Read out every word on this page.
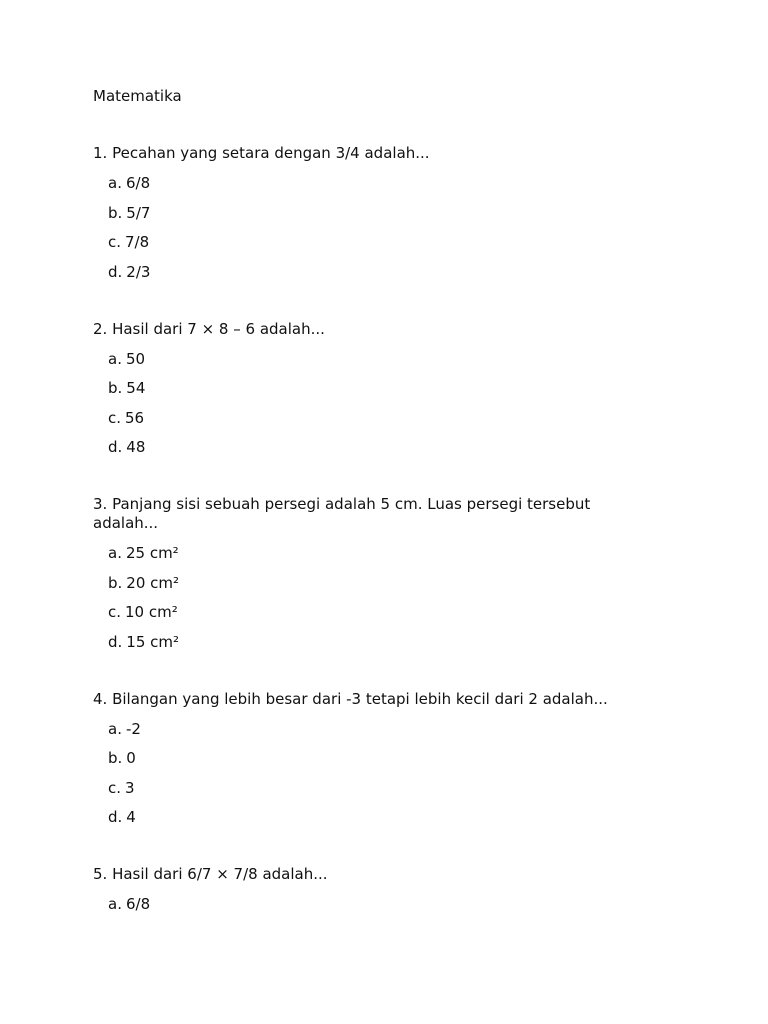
Matematika
1. Pecahan yang setara dengan 3/4 adalah...
a. 6/8
b. 5/7
c. 7/8
d. 2/3
2. Hasil dari 7 × 8 – 6 adalah...
a. 50
b. 54
c. 56
d. 48
3. Panjang sisi sebuah persegi adalah 5 cm. Luas persegi tersebut adalah...
a. 25 cm²
b. 20 cm²
c. 10 cm²
d. 15 cm²
4. Bilangan yang lebih besar dari -3 tetapi lebih kecil dari 2 adalah...
a. -2
b. 0
c. 3
d. 4
5. Hasil dari 6/7 × 7/8 adalah...
a. 6/8
